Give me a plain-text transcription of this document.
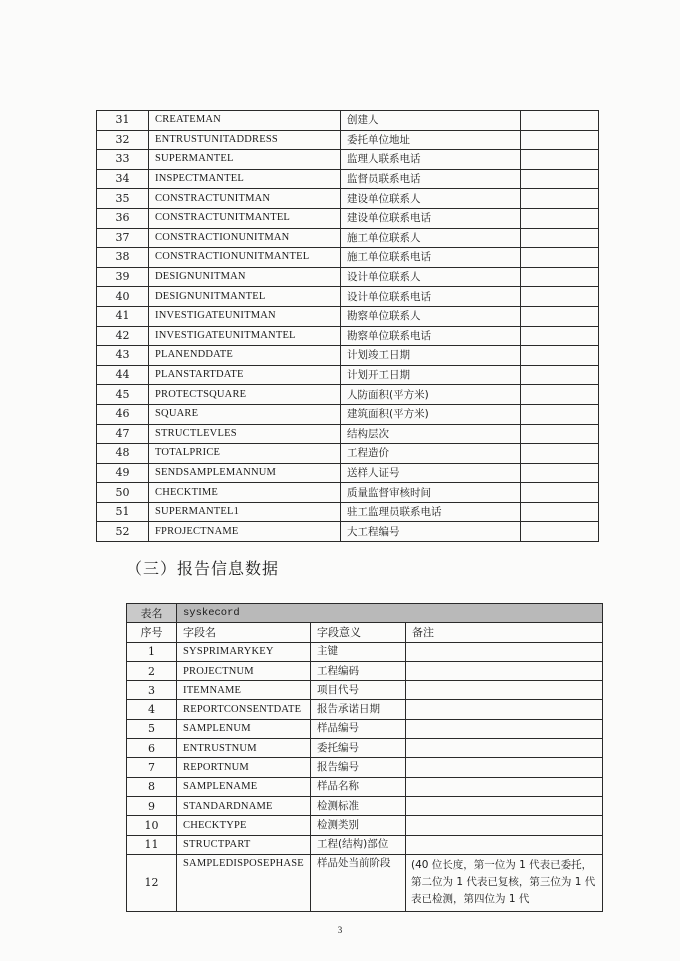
31	CREATEMAN	创建人	
32	ENTRUSTUNITADDRESS	委托单位地址	
33	SUPERMANTEL	监理人联系电话	
34	INSPECTMANTEL	监督员联系电话	
35	CONSTRACTUNITMAN	建设单位联系人	
36	CONSTRACTUNITMANTEL	建设单位联系电话	
37	CONSTRACTIONUNITMAN	施工单位联系人	
38	CONSTRACTIONUNITMANTEL	施工单位联系电话	
39	DESIGNUNITMAN	设计单位联系人	
40	DESIGNUNITMANTEL	设计单位联系电话	
41	INVESTIGATEUNITMAN	勘察单位联系人	
42	INVESTIGATEUNITMANTEL	勘察单位联系电话	
43	PLANENDDATE	计划竣工日期	
44	PLANSTARTDATE	计划开工日期	
45	PROTECTSQUARE	人防面积(平方米)	
46	SQUARE	建筑面积(平方米)	
47	STRUCTLEVLES	结构层次	
48	TOTALPRICE	工程造价	
49	SENDSAMPLEMANNUM	送样人证号	
50	CHECKTIME	质量监督审核时间	
51	SUPERMANTEL1	驻工监理员联系电话	
52	FPROJECTNAME	大工程编号	
（三）报告信息数据
表名	syskecord		
序号	字段名	字段意义	备注
1	SYSPRIMARYKEY	主键	
2	PROJECTNUM	工程编码	
3	ITEMNAME	项目代号	
4	REPORTCONSENTDATE	报告承诺日期	
5	SAMPLENUM	样品编号	
6	ENTRUSTNUM	委托编号	
7	REPORTNUM	报告编号	
8	SAMPLENAME	样品名称	
9	STANDARDNAME	检测标准	
10	CHECKTYPE	检测类别	
11	STRUCTPART	工程(结构)部位	
12	SAMPLEDISPOSEPHASE	样品处当前阶段	(40 位长度，第一位为 1 代表已委托，第二位为 1 代表已复核，第三位为 1 代表已检测，第四位为 1 代
3
